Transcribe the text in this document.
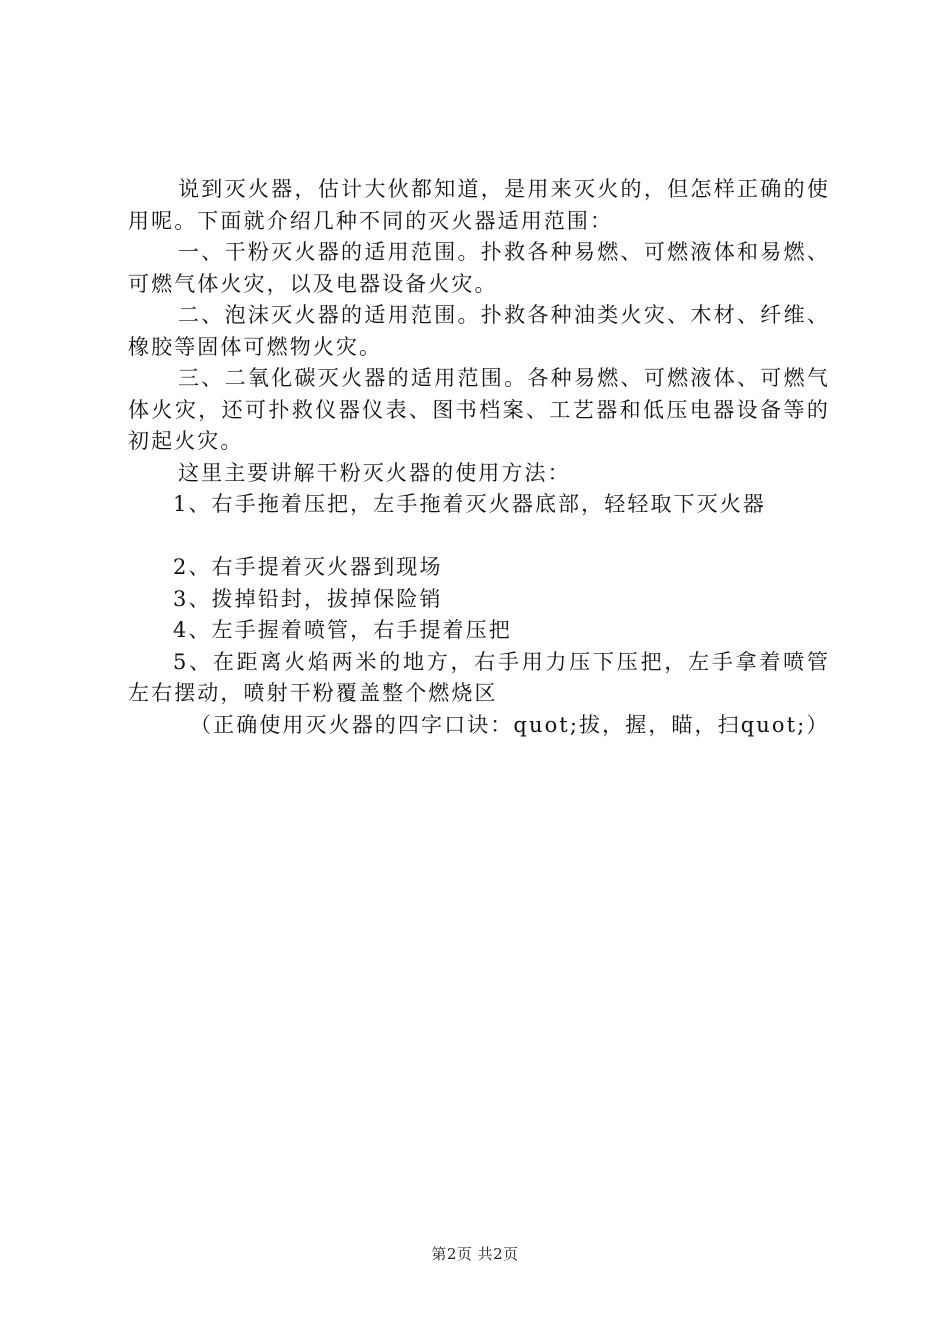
说到灭火器，估计大伙都知道，是用来灭火的，但怎样正确的使用呢。下面就介绍几种不同的灭火器适用范围：

一、干粉灭火器的适用范围。扑救各种易燃、可燃液体和易燃、可燃气体火灾，以及电器设备火灾。

二、泡沫灭火器的适用范围。扑救各种油类火灾、木材、纤维、橡胶等固体可燃物火灾。

三、二氧化碳灭火器的适用范围。各种易燃、可燃液体、可燃气体火灾，还可扑救仪器仪表、图书档案、工艺器和低压电器设备等的初起火灾。

这里主要讲解干粉灭火器的使用方法：

1、右手拖着压把，左手拖着灭火器底部，轻轻取下灭火器

2、右手提着灭火器到现场

3、拨掉铅封，拔掉保险销

4、左手握着喷管，右手提着压把

5、在距离火焰两米的地方，右手用力压下压把，左手拿着喷管左右摆动，喷射干粉覆盖整个燃烧区

（正确使用灭火器的四字口诀：quot;拔，握，瞄，扫quot;）

第2页 共2页
